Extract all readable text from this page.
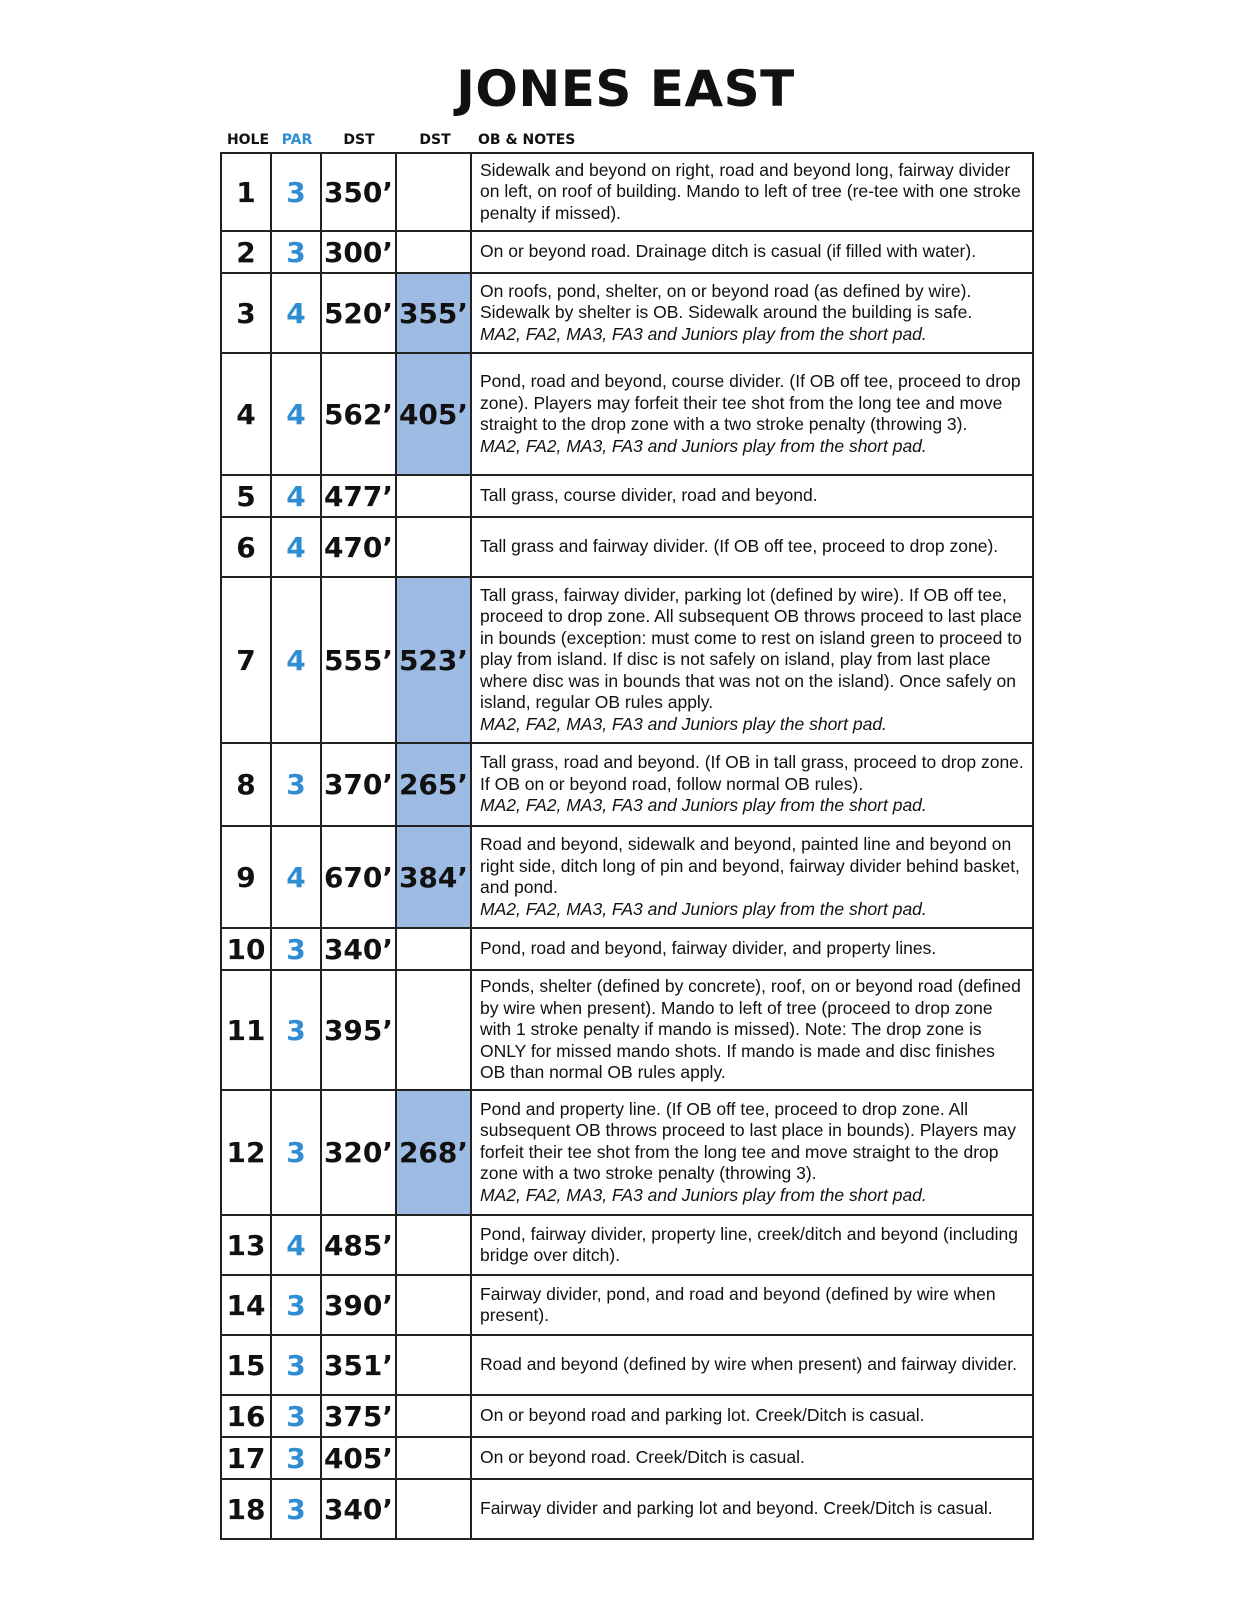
JONES EAST
HOLE PAR	DST	DST	OB & NOTES
1	3	350’		Sidewalk and beyond on right, road and beyond long, fairway divider on left, on roof of building. Mando to left of tree (re-tee with one stroke penalty if missed).

2	3	300’		On or beyond road. Drainage ditch is casual (if filled with water).

3	4	520’	355’	On roofs, pond, shelter, on or beyond road (as defined by wire). Sidewalk by shelter is OB. Sidewalk around the building is safe.
MA2, FA2, MA3, FA3 and Juniors play from the short pad.

4	4	562’	405’	Pond, road and beyond, course divider. (If OB off tee, proceed to drop zone). Players may forfeit their tee shot from the long tee and move straight to the drop zone with a two stroke penalty (throwing 3).
MA2, FA2, MA3, FA3 and Juniors play from the short pad.

5	4	477’		Tall grass, course divider, road and beyond.

6	4	470’		Tall grass and fairway divider. (If OB off tee, proceed to drop zone).

7	4	555’	523’	Tall grass, fairway divider, parking lot (defined by wire). If OB off tee, proceed to drop zone. All subsequent OB throws proceed to last place in bounds (exception: must come to rest on island green to proceed to play from island. If disc is not safely on island, play from last place where disc was in bounds that was not on the island). Once safely on island, regular OB rules apply.
MA2, FA2, MA3, FA3 and Juniors play the short pad.

8	3	370’	265’	Tall grass, road and beyond. (If OB in tall grass, proceed to drop zone. If OB on or beyond road, follow normal OB rules).
MA2, FA2, MA3, FA3 and Juniors play from the short pad.

9	4	670’	384’	Road and beyond, sidewalk and beyond, painted line and beyond on right side, ditch long of pin and beyond, fairway divider behind basket, and pond.
MA2, FA2, MA3, FA3 and Juniors play from the short pad.

10	3	340’		Pond, road and beyond, fairway divider, and property lines.

11	3	395’		Ponds, shelter (defined by concrete), roof, on or beyond road (defined by wire when present). Mando to left of tree (proceed to drop zone with 1 stroke penalty if mando is missed). Note: The drop zone is ONLY for missed mando shots. If mando is made and disc finishes OB than normal OB rules apply.

12	3	320’	268’	Pond and property line. (If OB off tee, proceed to drop zone. All subsequent OB throws proceed to last place in bounds). Players may forfeit their tee shot from the long tee and move straight to the drop zone with a two stroke penalty (throwing 3).
MA2, FA2, MA3, FA3 and Juniors play from the short pad.

13	4	485’		Pond, fairway divider, property line, creek/ditch and beyond (including bridge over ditch).

14	3	390’		Fairway divider, pond, and road and beyond (defined by wire when present).

15	3	351’		Road and beyond (defined by wire when present) and fairway divider.

16	3	375’		On or beyond road and parking lot. Creek/Ditch is casual.

17	3	405’		On or beyond road. Creek/Ditch is casual.

18	3	340’		Fairway divider and parking lot and beyond. Creek/Ditch is casual.
